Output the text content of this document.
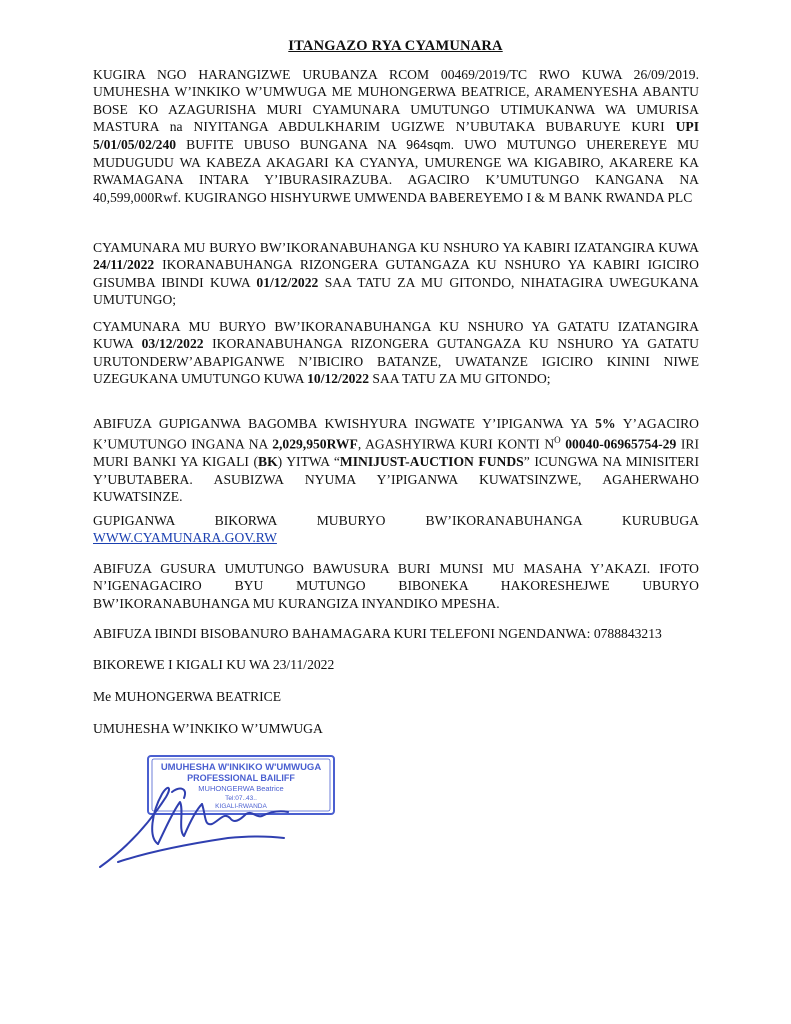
ITANGAZO RYA CYAMUNARA
KUGIRA NGO HARANGIZWE URUBANZA RCOM 00469/2019/TC RWO KUWA 26/09/2019. UMUHESHA W’INKIKO W’UMWUGA ME MUHONGERWA BEATRICE, ARAMENYESHA ABANTU BOSE KO AZAGURISHA MURI CYAMUNARA UMUTUNGO UTIMUKANWA WA UMURISA MASTURA na NIYITANGA ABDULKHARIM UGIZWE N’UBUTAKA BUBARUYE KURI UPI 5/01/05/02/240 BUFITE UBUSO BUNGANA NA 964sqm. UWO MUTUNGO UHEREREYE MU MUDUGUDU WA KABEZA AKAGARI KA CYANYA, UMURENGE WA KIGABIRO, AKARERE KA RWAMAGANA INTARA Y’IBURASIRAZUBA. AGACIRO K’UMUTUNGO KANGANA NA 40,599,000Rwf. KUGIRANGO HISHYURWE UMWENDA BABEREYEMO I & M BANK RWANDA PLC
CYAMUNARA MU BURYO BW’IKORANABUHANGA KU NSHURO YA KABIRI IZATANGIRA KUWA 24/11/2022 IKORANABUHANGA RIZONGERA GUTANGAZA KU NSHURO YA KABIRI IGICIRO GISUMBA IBINDI KUWA 01/12/2022 SAA TATU ZA MU GITONDO, NIHATAGIRA UWEGUKANA UMUTUNGO;
CYAMUNARA MU BURYO BW’IKORANABUHANGA KU NSHURO YA GATATU IZATANGIRA KUWA 03/12/2022 IKORANABUHANGA RIZONGERA GUTANGAZA KU NSHURO YA GATATU URUTONDERW’ABAPIGANWE N’IBICIRO BATANZE, UWATANZE IGICIRO KININI NIWE UZEGUKANA UMUTUNGO KUWA 10/12/2022 SAA TATU ZA MU GITONDO;
ABIFUZA GUPIGANWA BAGOMBA KWISHYURA INGWATE Y’IPIGANWA YA 5% Y’AGACIRO K’UMUTUNGO INGANA NA 2,029,950RWF, AGASHYIRWA KURI KONTI $N^O$ 00040-06965754-29 IRI MURI BANKI YA KIGALI (BK) YITWA “MINIJUST-AUCTION FUNDS” ICUNGWA NA MINISITERI Y’UBUTABERA. ASUBIZWA NYUMA Y’IPIGANWA KUWATSINZWE, AGAHERWAHO KUWATSINZE.
GUPIGANWA BIKORWA MUBURYO BW’IKORANABUHANGA KURUBUGA WWW.CYAMUNARA.GOV.RW
ABIFUZA GUSURA UMUTUNGO BAWUSURA BURI MUNSI MU MASAHA Y’AKAZI. IFOTO N’IGENAGACIRO BYU MUTUNGO BIBONEKA HAKORESHEJWE UBURYO BW’IKORANABUHANGA MU KURANGIZA INYANDIKO MPESHA.
ABIFUZA IBINDI BISOBANURO BAHAMAGARA KURI TELEFONI NGENDANWA: 0788843213
BIKOREWE I KIGALI KU WA 23/11/2022
Me MUHONGERWA BEATRICE
UMUHESHA W’INKIKO W’UMWUGA
UMUHESHA W'INKIKO W'UMWUGA
PROFESSIONAL BAILIFF
MUHONGERWA Beatrice
Tel:07..43..
KIGALI-RWANDA
